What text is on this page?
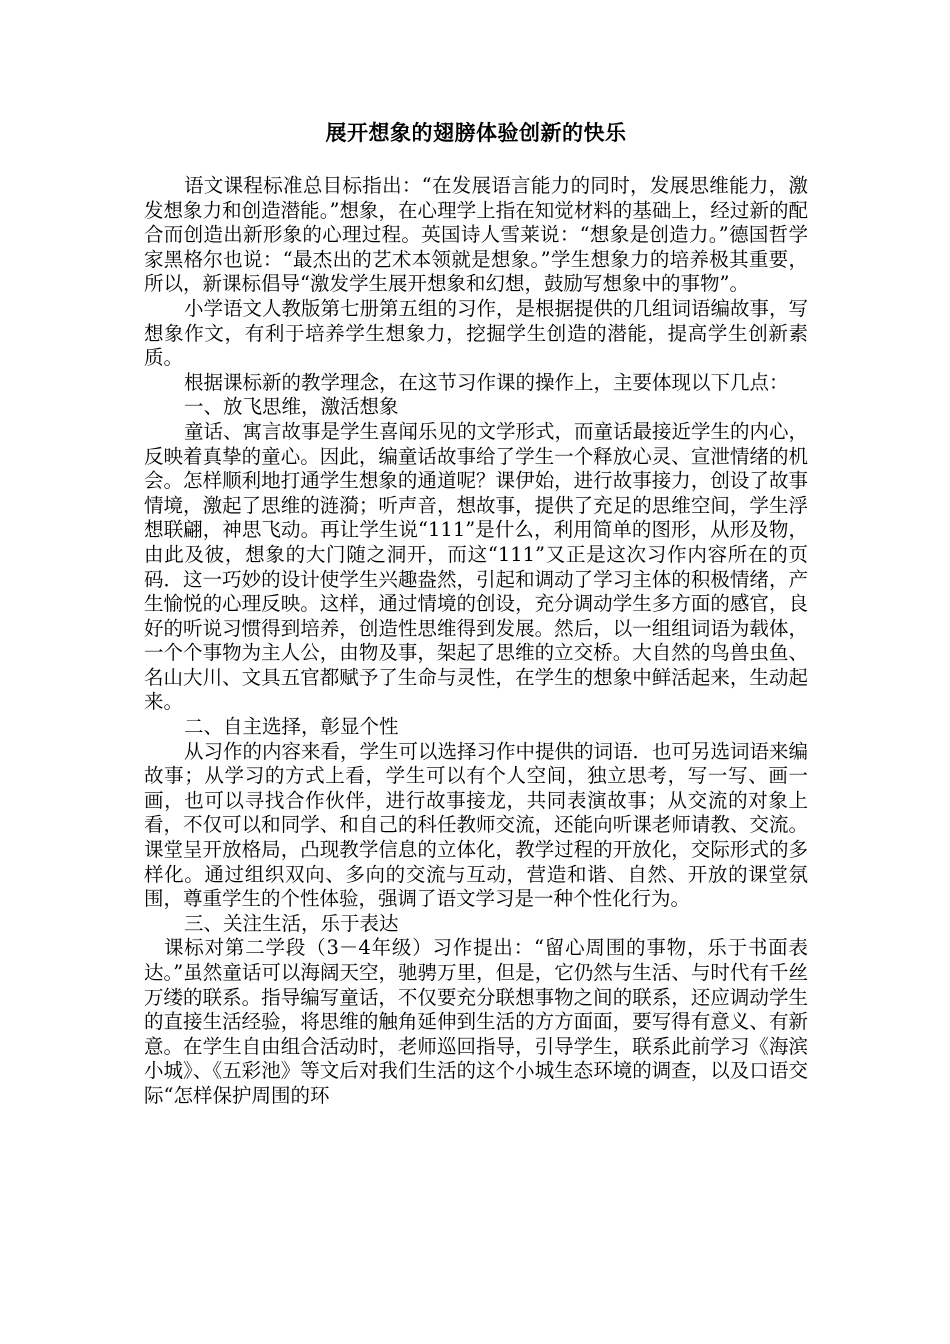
展开想象的翅膀体验创新的快乐

语文课程标准总目标指出：“在发展语言能力的同时，发展思维能力，激发想象力和创造潜能。”想象，在心理学上指在知觉材料的基础上，经过新的配合而创造出新形象的心理过程。英国诗人雪莱说：“想象是创造力。”德国哲学家黑格尔也说：“最杰出的艺术本领就是想象。”学生想象力的培养极其重要，所以，新课标倡导“激发学生展开想象和幻想，鼓励写想象中的事物”。

小学语文人教版第七册第五组的习作，是根据提供的几组词语编故事，写想象作文，有利于培养学生想象力，挖掘学生创造的潜能，提高学生创新素质。

根据课标新的教学理念，在这节习作课的操作上，主要体现以下几点：

一、放飞思维，激活想象

童话、寓言故事是学生喜闻乐见的文学形式，而童话最接近学生的内心，反映着真挚的童心。因此，编童话故事给了学生一个释放心灵、宣泄情绪的机会。怎样顺利地打通学生想象的通道呢？课伊始，进行故事接力，创设了故事情境，激起了思维的涟漪；听声音，想故事，提供了充足的思维空间，学生浮想联翩，神思飞动。再让学生说“111”是什么，利用简单的图形，从形及物，由此及彼，想象的大门随之洞开，而这“111”又正是这次习作内容所在的页码．这一巧妙的设计使学生兴趣盎然，引起和调动了学习主体的积极情绪，产生愉悦的心理反映。这样，通过情境的创设，充分调动学生多方面的感官，良好的听说习惯得到培养，创造性思维得到发展。然后，以一组组词语为载体，一个个事物为主人公，由物及事，架起了思维的立交桥。大自然的鸟兽虫鱼、名山大川、文具五官都赋予了生命与灵性，在学生的想象中鲜活起来，生动起来。

二、自主选择，彰显个性

从习作的内容来看，学生可以选择习作中提供的词语．也可另选词语来编故事；从学习的方式上看，学生可以有个人空间，独立思考，写一写、画一画，也可以寻找合作伙伴，进行故事接龙，共同表演故事；从交流的对象上看，不仅可以和同学、和自己的科任教师交流，还能向听课老师请教、交流。课堂呈开放格局，凸现教学信息的立体化，教学过程的开放化，交际形式的多样化。通过组织双向、多向的交流与互动，营造和谐、自然、开放的课堂氛围，尊重学生的个性体验，强调了语文学习是一种个性化行为。

三、关注生活，乐于表达

课标对第二学段（3－4年级）习作提出：“留心周围的事物，乐于书面表达。”虽然童话可以海阔天空，驰骋万里，但是，它仍然与生活、与时代有千丝万缕的联系。指导编写童话，不仅要充分联想事物之间的联系，还应调动学生的直接生活经验，将思维的触角延伸到生活的方方面面，要写得有意义、有新意。在学生自由组合活动时，老师巡回指导，引导学生，联系此前学习《海滨小城》、《五彩池》等文后对我们生活的这个小城生态环境的调查，以及口语交际“怎样保护周围的环
